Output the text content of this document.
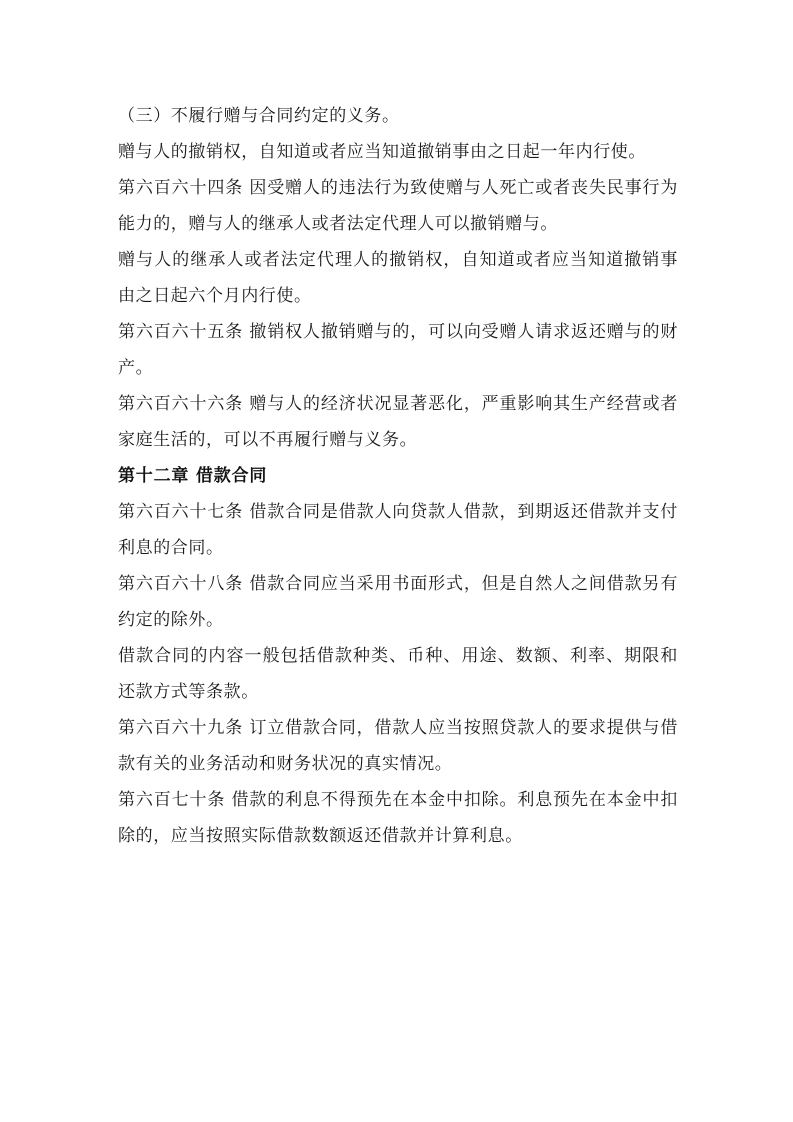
（三）不履行赠与合同约定的义务。

赠与人的撤销权，自知道或者应当知道撤销事由之日起一年内行使。

第六百六十四条 因受赠人的违法行为致使赠与人死亡或者丧失民事行为能力的，赠与人的继承人或者法定代理人可以撤销赠与。

赠与人的继承人或者法定代理人的撤销权，自知道或者应当知道撤销事由之日起六个月内行使。

第六百六十五条 撤销权人撤销赠与的，可以向受赠人请求返还赠与的财产。

第六百六十六条 赠与人的经济状况显著恶化，严重影响其生产经营或者家庭生活的，可以不再履行赠与义务。

第十二章 借款合同

第六百六十七条 借款合同是借款人向贷款人借款，到期返还借款并支付利息的合同。

第六百六十八条 借款合同应当采用书面形式，但是自然人之间借款另有约定的除外。

借款合同的内容一般包括借款种类、币种、用途、数额、利率、期限和还款方式等条款。

第六百六十九条 订立借款合同，借款人应当按照贷款人的要求提供与借款有关的业务活动和财务状况的真实情况。

第六百七十条 借款的利息不得预先在本金中扣除。利息预先在本金中扣除的，应当按照实际借款数额返还借款并计算利息。
